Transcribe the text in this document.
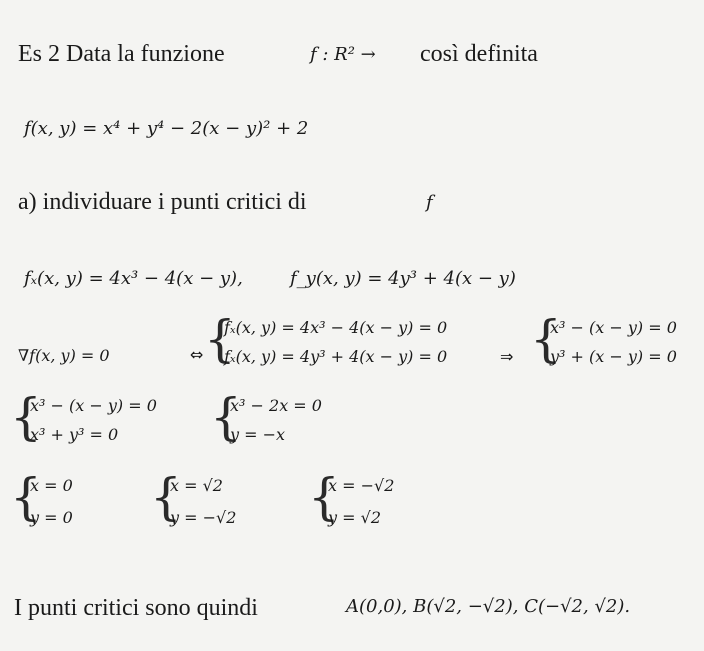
Es 2 Data la funzione	f : R² → così definita
f(x, y) = x⁴ + y⁴ − 2(x − y)² + 2
a) individuare i punti critici di	f
fₓ(x, y) = 4x³ − 4(x − y),	f_y(x, y) = 4y³ + 4(x − y)
∇f(x, y) = 0	⇔ {
fₓ(x, y) = 4x³ − 4(x − y) = 0
fₓ(x, y) = 4y³ + 4(x − y) = 0	⇒ {
x³ − (x − y) = 0
y³ + (x − y) = 0
{
x³ − (x − y) = 0
x³ + y³ = 0 {
x³ − 2x = 0
y = −x
{
x = 0
y = 0 {
x = √2
y = −√2 {
x = −√2
y = √2
I punti critici sono quindi	A(0,0), B(√2, −√2), C(−√2, √2).
